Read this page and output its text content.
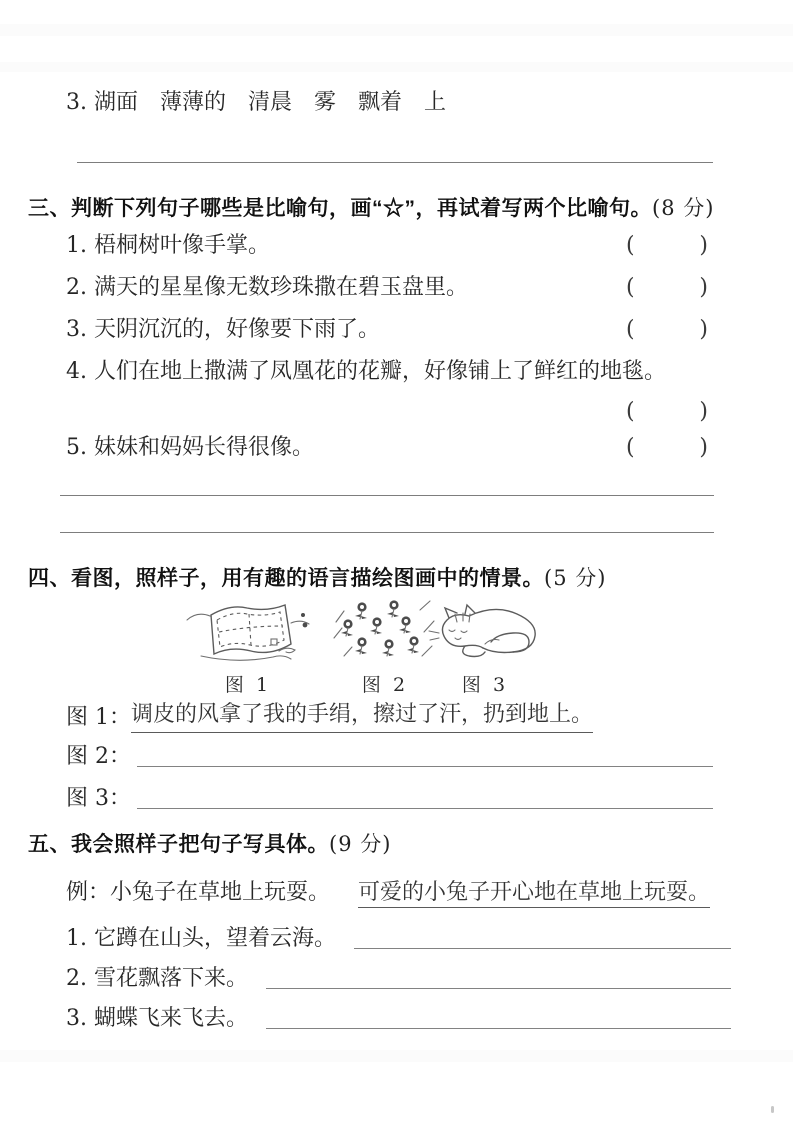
3. 湖面　薄薄的　清晨　雾　飘着　上
三、判断下列句子哪些是比喻句，画“☆”，再试着写两个比喻句。(8 分)
1. 梧桐树叶像手掌。	(	)
2. 满天的星星像无数珍珠撒在碧玉盘里。	(	)
3. 天阴沉沉的，好像要下雨了。	(	)
4. 人们在地上撒满了凤凰花的花瓣，好像铺上了鲜红的地毯。
(	)
5. 妹妹和妈妈长得很像。	(	)
四、看图，照样子，用有趣的语言描绘图画中的情景。(5 分)
图 1	图 2	图 3
图 1： 调皮的风拿了我的手绢，擦过了汗，扔到地上。
图 2：
图 3：
五、我会照样子把句子写具体。(9 分)
例：小兔子在草地上玩耍。 可爱的小兔子开心地在草地上玩耍。
1. 它蹲在山头，望着云海。
2. 雪花飘落下来。
3. 蝴蝶飞来飞去。
